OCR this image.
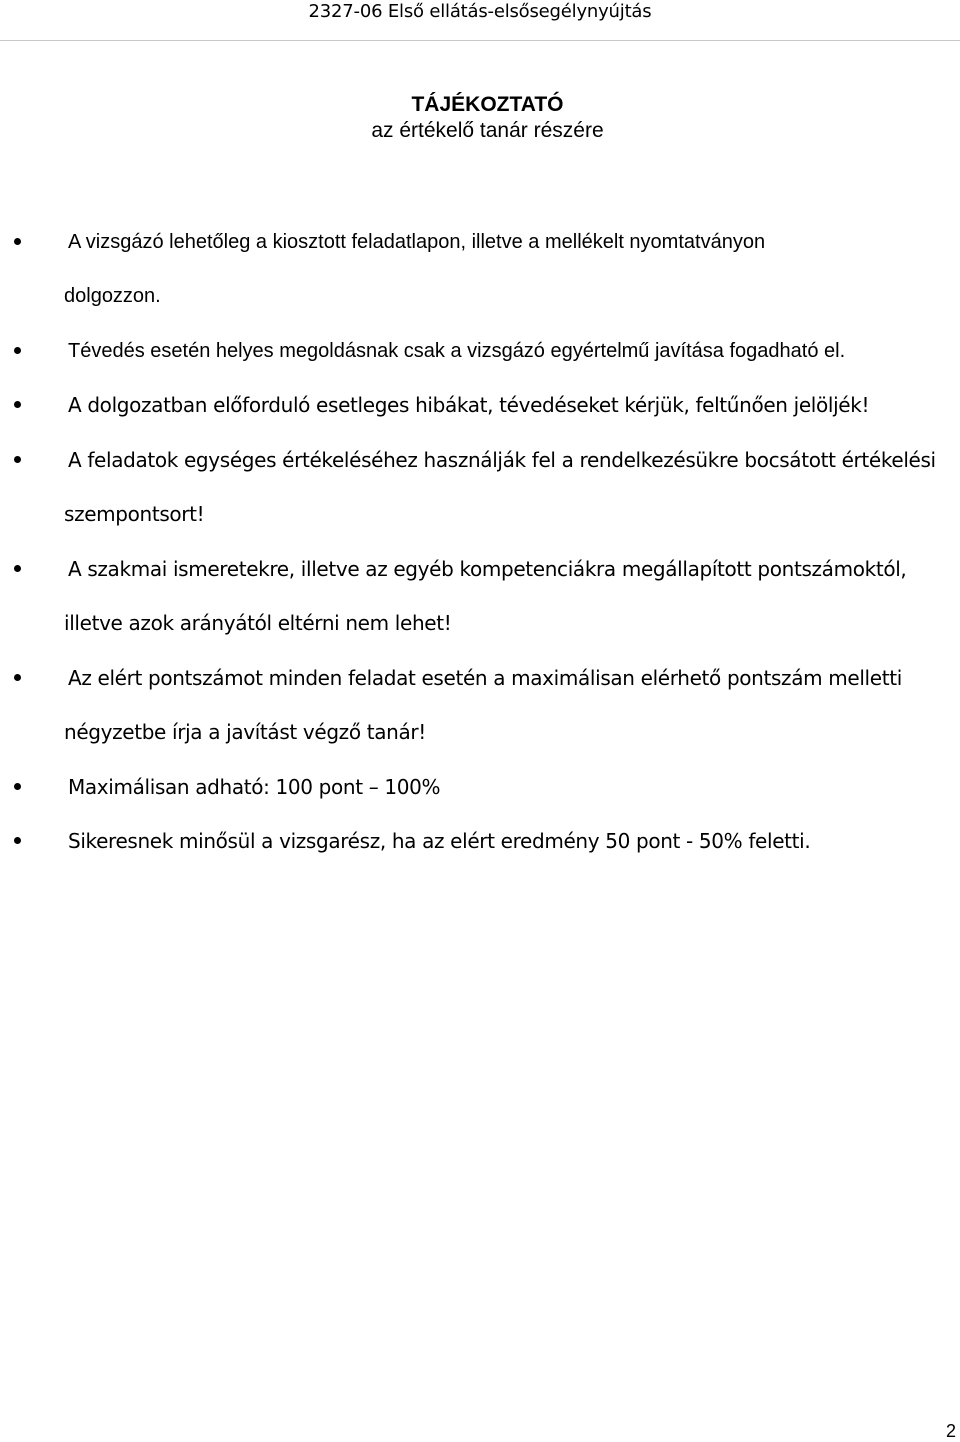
2327-06 Első ellátás-elsősegélynyújtás
TÁJÉKOZTATÓ
az értékelő tanár részére
A vizsgázó lehetőleg a kiosztott feladatlapon, illetve a mellékelt nyomtatványon
dolgozzon.
Tévedés esetén helyes megoldásnak csak a vizsgázó egyértelmű javítása fogadható el.
A dolgozatban előforduló esetleges hibákat, tévedéseket kérjük, feltűnően jelöljék!
A feladatok egységes értékeléséhez használják fel a rendelkezésükre bocsátott értékelési
szempontsort!
A szakmai ismeretekre, illetve az egyéb kompetenciákra megállapított pontszámoktól,
illetve azok arányától eltérni nem lehet!
Az elért pontszámot minden feladat esetén a maximálisan elérhető pontszám melletti
négyzetbe írja a javítást végző tanár!
Maximálisan adható: 100 pont – 100%
Sikeresnek minősül a vizsgarész, ha az elért eredmény 50 pont - 50% feletti.
2
